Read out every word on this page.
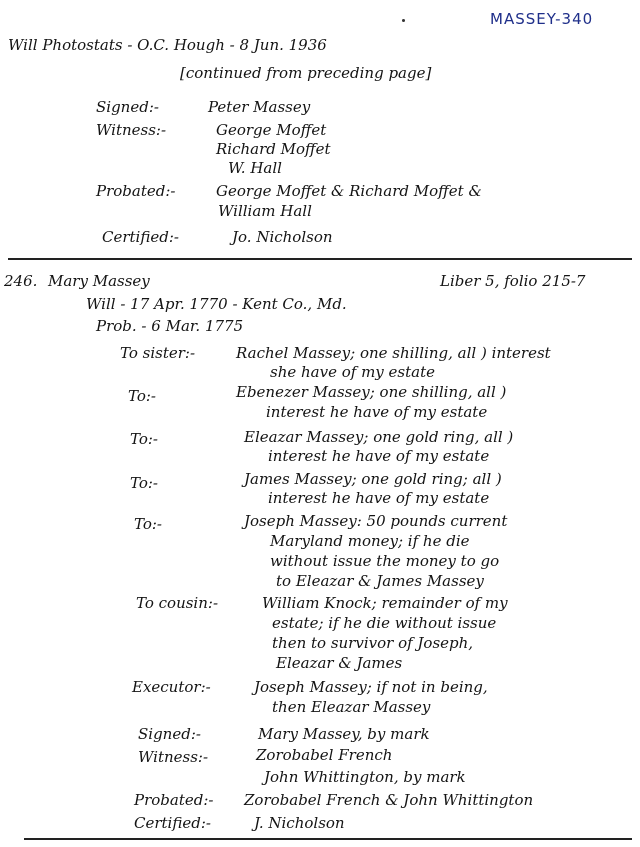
MASSEY-340

Will Photostats - O.C. Hough - 8 Jun. 1936

[continued from preceding page]

Signed:-	Peter Massey

Witness:-	George Moffet

Richard Moffet

W. Hall

Probated:-	George Moffet & Richard Moffet &

William Hall

Certified:-	Jo. Nicholson

246. Mary Massey	Liber 5, folio 215-7

Will - 17 Apr. 1770 - Kent Co., Md.

Prob. - 6 Mar. 1775

To sister:-	Rachel Massey; one shilling, all ) interest

she have of my estate

To:-	Ebenezer Massey; one shilling, all )

interest he have of my estate

To:-	Eleazar Massey; one gold ring, all )

interest he have of my estate

To:-	James Massey; one gold ring; all )

interest he have of my estate

To:-	Joseph Massey: 50 pounds current

Maryland money; if he die

without issue the money to go

to Eleazar & James Massey

To cousin:-	William Knock; remainder of my

estate; if he die without issue

then to survivor of Joseph,

Eleazar & James

Executor:-	Joseph Massey; if not in being,

then Eleazar Massey

Signed:-	Mary Massey, by mark

Witness:-	Zorobabel French

John Whittington, by mark

Probated:- Zorobabel French & John Whittington

Certified:-	J. Nicholson
